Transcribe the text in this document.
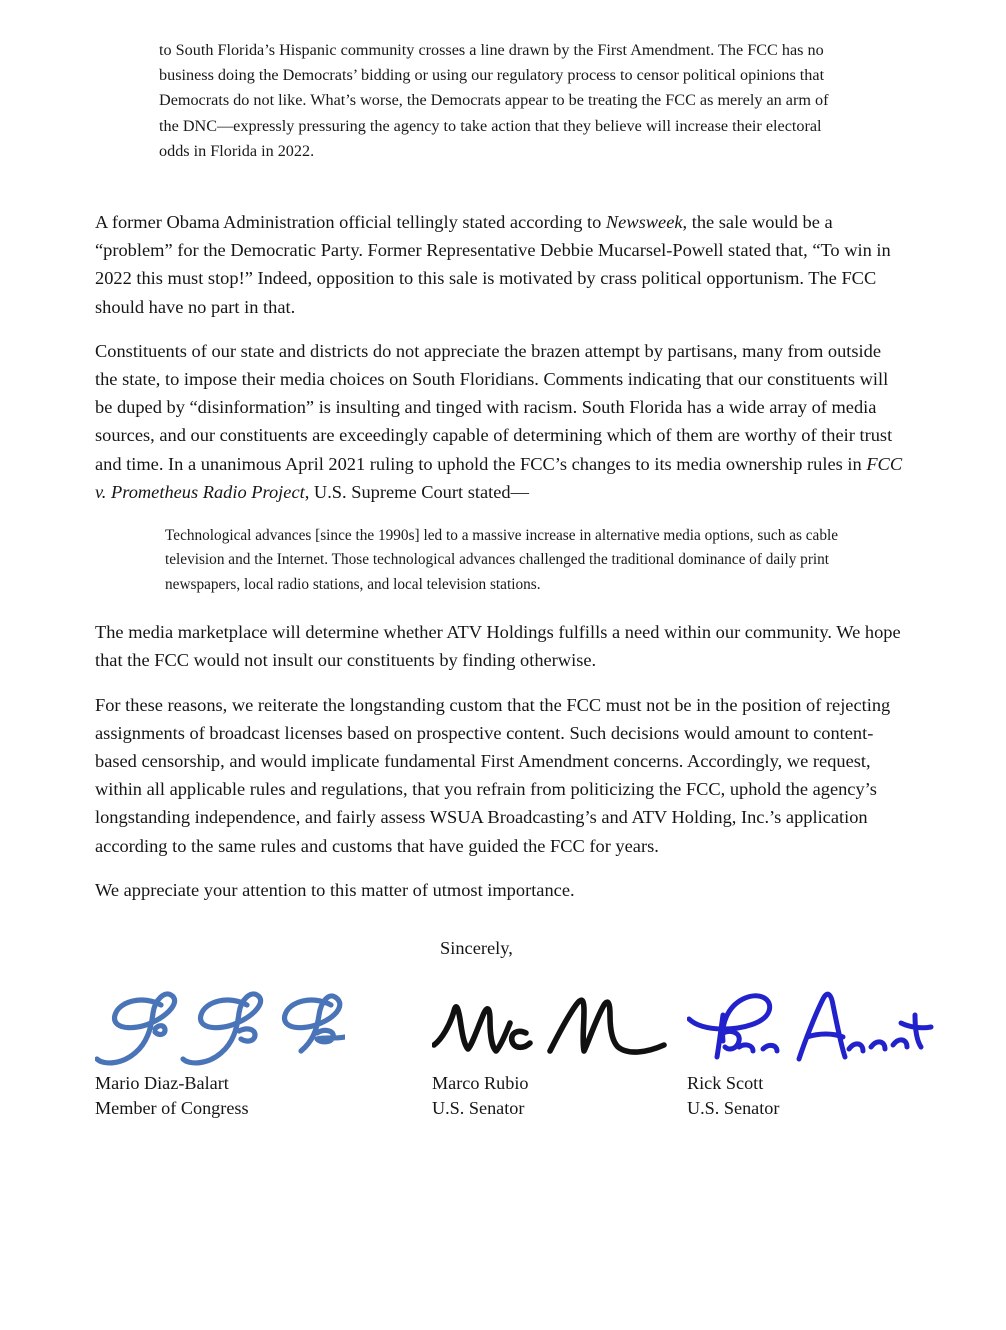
to South Florida’s Hispanic community crosses a line drawn by the First Amendment. The FCC has no business doing the Democrats’ bidding or using our regulatory process to censor political opinions that Democrats do not like. What’s worse, the Democrats appear to be treating the FCC as merely an arm of the DNC—expressly pressuring the agency to take action that they believe will increase their electoral odds in Florida in 2022.

A former Obama Administration official tellingly stated according to Newsweek, the sale would be a “problem” for the Democratic Party. Former Representative Debbie Mucarsel-Powell stated that, “To win in 2022 this must stop!” Indeed, opposition to this sale is motivated by crass political opportunism. The FCC should have no part in that.

Constituents of our state and districts do not appreciate the brazen attempt by partisans, many from outside the state, to impose their media choices on South Floridians. Comments indicating that our constituents will be duped by “disinformation” is insulting and tinged with racism. South Florida has a wide array of media sources, and our constituents are exceedingly capable of determining which of them are worthy of their trust and time. In a unanimous April 2021 ruling to uphold the FCC’s changes to its media ownership rules in FCC v. Prometheus Radio Project, U.S. Supreme Court stated—

Technological advances [since the 1990s] led to a massive increase in alternative media options, such as cable television and the Internet. Those technological advances challenged the traditional dominance of daily print newspapers, local radio stations, and local television stations.

The media marketplace will determine whether ATV Holdings fulfills a need within our community. We hope that the FCC would not insult our constituents by finding otherwise.

For these reasons, we reiterate the longstanding custom that the FCC must not be in the position of rejecting assignments of broadcast licenses based on prospective content. Such decisions would amount to content-based censorship, and would implicate fundamental First Amendment concerns. Accordingly, we request, within all applicable rules and regulations, that you refrain from politicizing the FCC, uphold the agency’s longstanding independence, and fairly assess WSUA Broadcasting’s and ATV Holding, Inc.’s application according to the same rules and customs that have guided the FCC for years.

We appreciate your attention to this matter of utmost importance.

Sincerely,
Mario Diaz-Balart
Member of Congress
Marco Rubio
U.S. Senator
Rick Scott
U.S. Senator
